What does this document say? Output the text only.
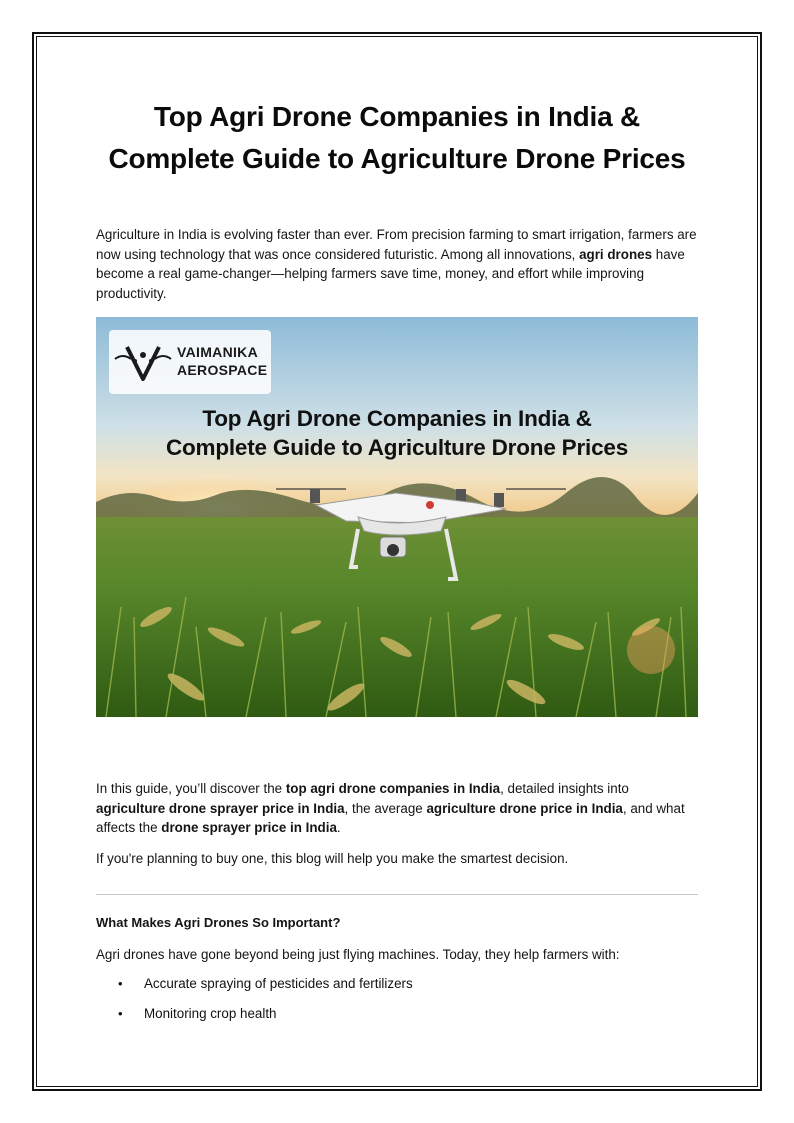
Top Agri Drone Companies in India &
Complete Guide to Agriculture Drone Prices

Agriculture in India is evolving faster than ever. From precision farming to smart irrigation, farmers are now using technology that was once considered futuristic. Among all innovations, agri drones have become a real game-changer—helping farmers save time, money, and effort while improving productivity.

VAIMANIKA
AEROSPACE
Top Agri Drone Companies in India &
Complete Guide to Agriculture Drone Prices

In this guide, you’ll discover the top agri drone companies in India, detailed insights into agriculture drone sprayer price in India, the average agriculture drone price in India, and what affects the drone sprayer price in India.

If you're planning to buy one, this blog will help you make the smartest decision.

What Makes Agri Drones So Important?

Agri drones have gone beyond being just flying machines. Today, they help farmers with:

• Accurate spraying of pesticides and fertilizers
• Monitoring crop health
